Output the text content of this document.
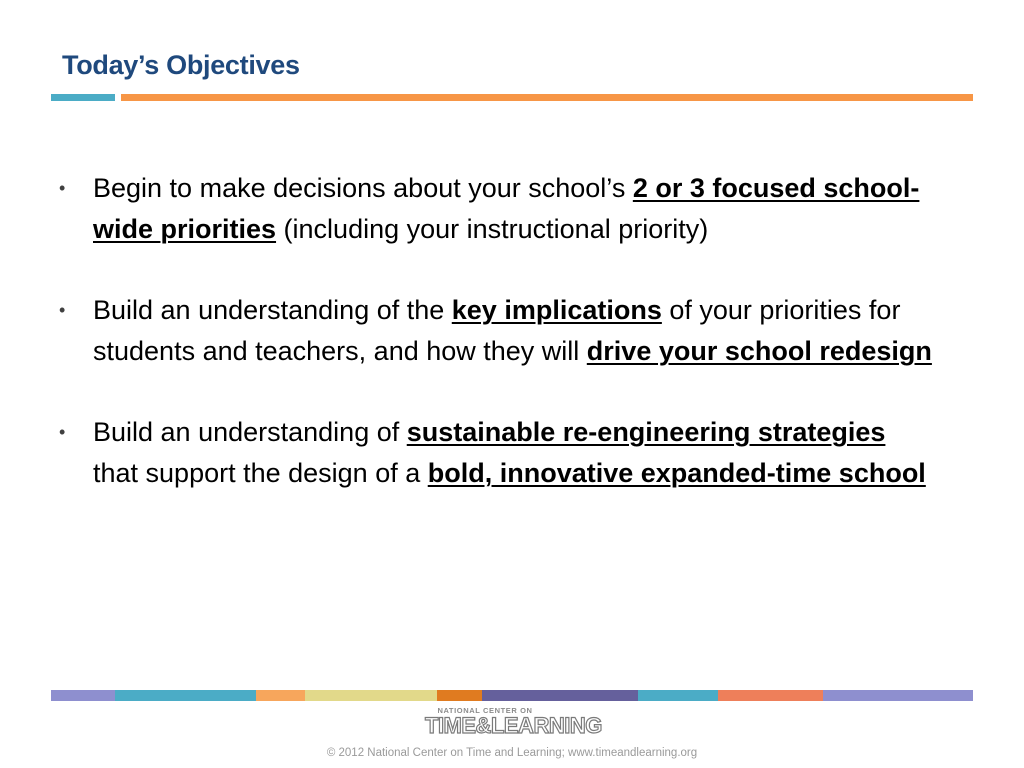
Today’s Objectives
• Begin to make decisions about your school’s 2 or 3 focused school-wide priorities (including your instructional priority)
• Build an understanding of the key implications of your priorities for students and teachers, and how they will drive your school redesign
• Build an understanding of sustainable re-engineering strategies that support the design of a bold, innovative expanded-time school
NATIONAL CENTER ON
TIME&LEARNING
© 2012 National Center on Time and Learning; www.timeandlearning.org
